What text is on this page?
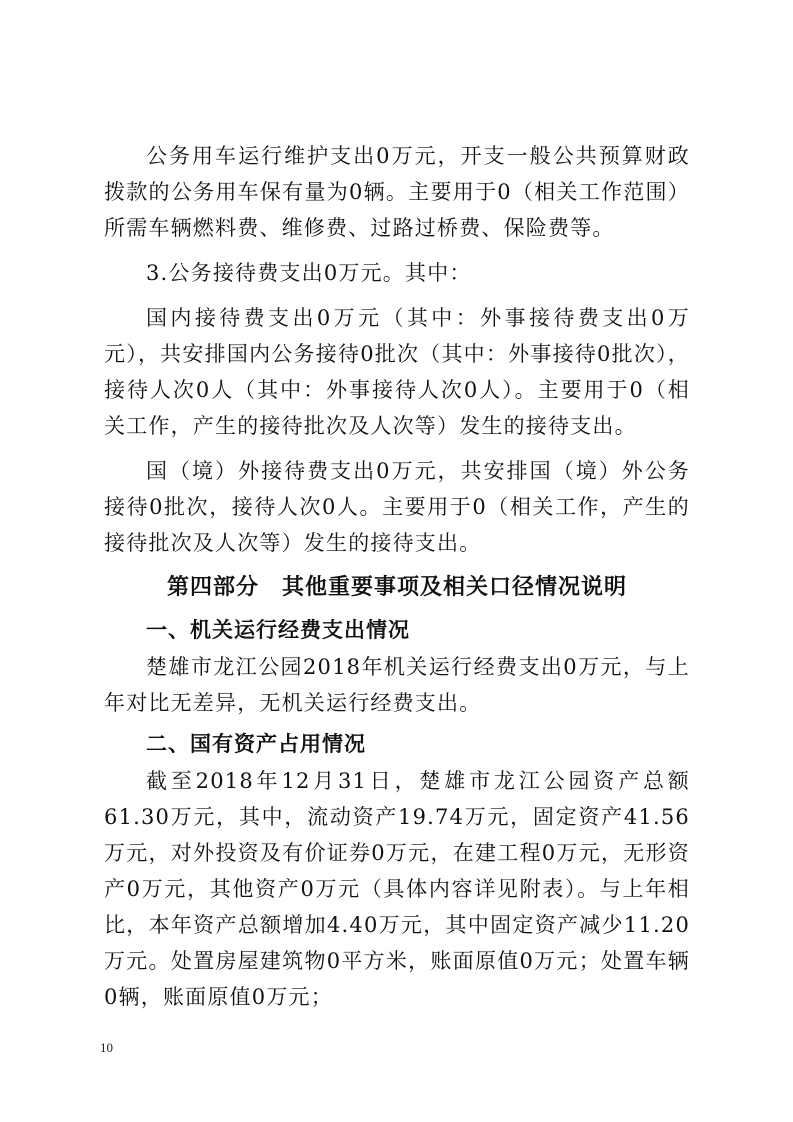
公务用车运行维护支出0万元，开支一般公共预算财政拨款的公务用车保有量为0辆。主要用于0（相关工作范围）所需车辆燃料费、维修费、过路过桥费、保险费等。

3.公务接待费支出0万元。其中：

国内接待费支出0万元（其中：外事接待费支出0万元），共安排国内公务接待0批次（其中：外事接待0批次），接待人次0人（其中：外事接待人次0人）。主要用于0（相关工作，产生的接待批次及人次等）发生的接待支出。

国（境）外接待费支出0万元，共安排国（境）外公务接待0批次，接待人次0人。主要用于0（相关工作，产生的接待批次及人次等）发生的接待支出。

第四部分　其他重要事项及相关口径情况说明
一、机关运行经费支出情况

楚雄市龙江公园2018年机关运行经费支出0万元，与上年对比无差异，无机关运行经费支出。

二、国有资产占用情况

截至2018年12月31日，楚雄市龙江公园资产总额61.30万元，其中，流动资产19.74万元，固定资产41.56万元，对外投资及有价证券0万元，在建工程0万元，无形资产0万元，其他资产0万元（具体内容详见附表）。与上年相比，本年资产总额增加4.40万元，其中固定资产减少11.20万元。处置房屋建筑物0平方米，账面原值0万元；处置车辆0辆，账面原值0万元；

10
